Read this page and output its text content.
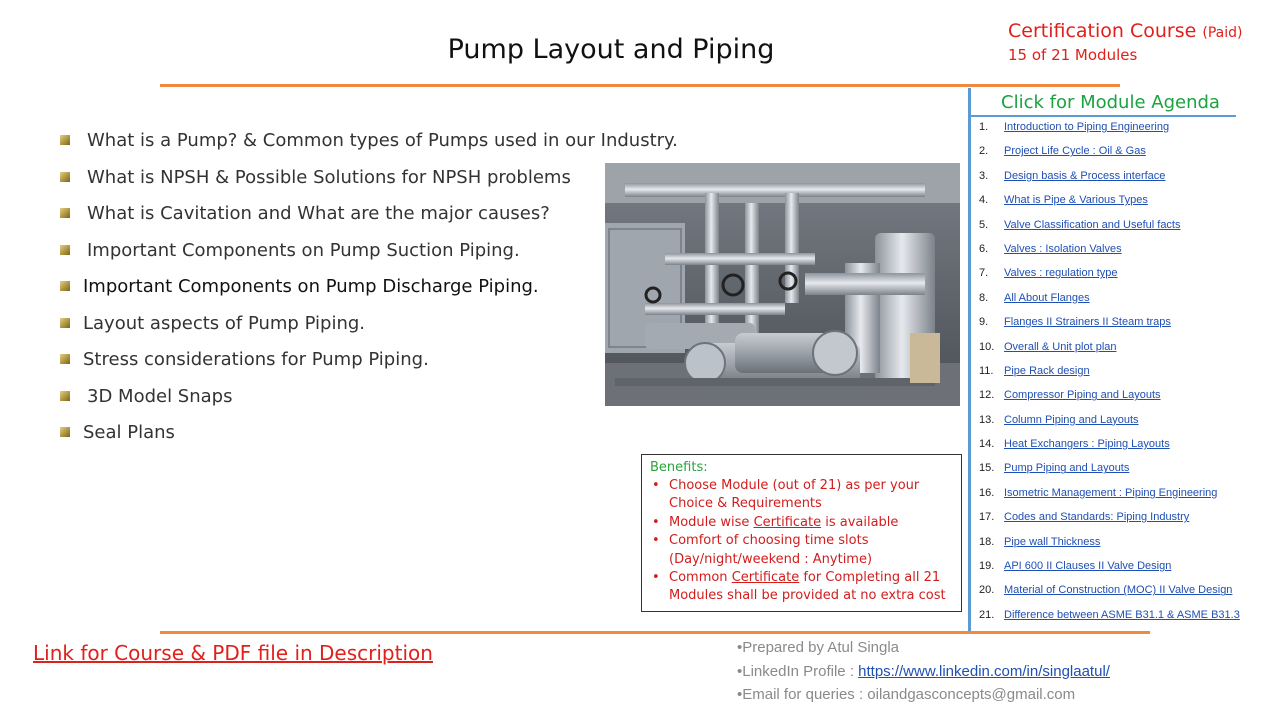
Pump Layout and Piping
Certification Course (Paid)
15 of 21 Modules
What is a Pump? & Common types of Pumps used in our Industry.
What is NPSH & Possible Solutions for NPSH problems
What is Cavitation and What are the major causes?
Important Components on Pump Suction Piping.
Important Components on Pump Discharge Piping.
Layout aspects of Pump Piping.
Stress considerations for Pump Piping.
3D Model Snaps
Seal Plans
Benefits:
• Choose Module (out of 21) as per your Choice & Requirements
• Module wise Certificate is available
• Comfort of choosing time slots (Day/night/weekend : Anytime)
• Common Certificate for Completing all 21 Modules shall be provided at no extra cost
Click for Module Agenda
1. Introduction to Piping Engineering
2. Project Life Cycle : Oil & Gas
3. Design basis & Process interface
4. What is Pipe & Various Types
5. Valve Classification and Useful facts
6. Valves : Isolation Valves
7. Valves : regulation type
8. All About Flanges
9. Flanges II Strainers II Steam traps
10. Overall & Unit plot plan
11. Pipe Rack design
12. Compressor Piping and Layouts
13. Column Piping and Layouts
14. Heat Exchangers : Piping Layouts
15. Pump Piping and Layouts
16. Isometric Management : Piping Engineering
17. Codes and Standards: Piping Industry
18. Pipe wall Thickness
19. API 600 II Clauses II Valve Design
20. Material of Construction (MOC) II Valve Design
21. Difference between ASME B31.1 & ASME B31.3
Link for Course & PDF file in Description	•Prepared by Atul Singla
•LinkedIn Profile : https://www.linkedin.com/in/singlaatul/
•Email for queries : oilandgasconcepts@gmail.com
